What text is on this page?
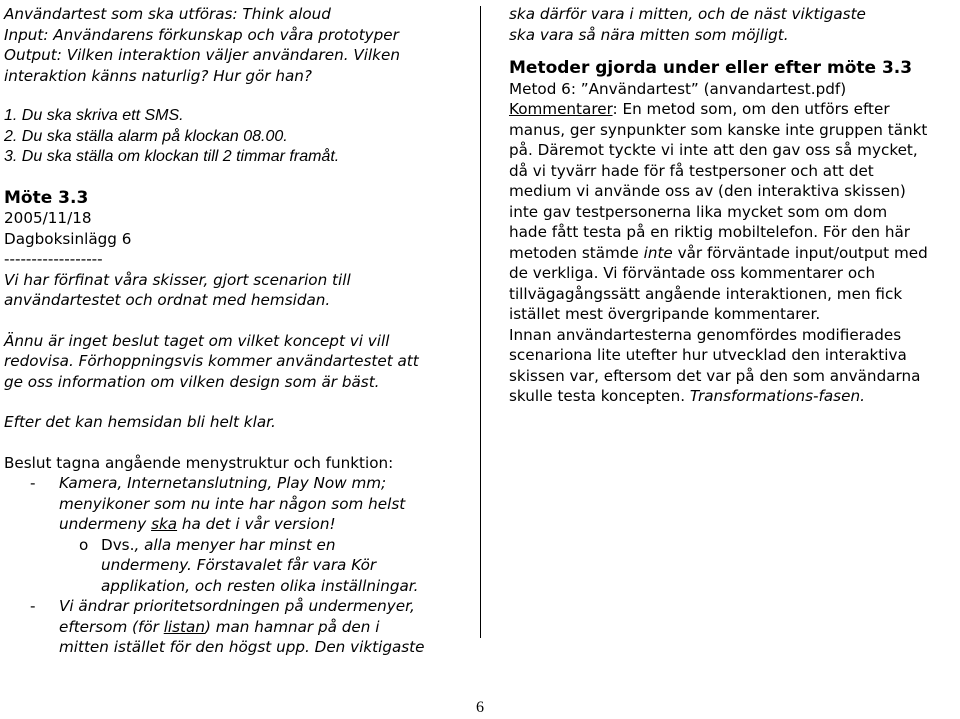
Användartest som ska utföras: Think aloud
Input: Användarens förkunskap och våra prototyper
Output: Vilken interaktion väljer användaren. Vilken
interaktion känns naturlig? Hur gör han?
1. Du ska skriva ett SMS.
2. Du ska ställa alarm på klockan 08.00.
3. Du ska ställa om klockan till 2 timmar framåt.
Möte 3.3
2005/11/18
Dagboksinlägg 6
------------------
Vi har förfinat våra skisser, gjort scenarion till
användartestet och ordnat med hemsidan.
Ännu är inget beslut taget om vilket koncept vi vill
redovisa. Förhoppningsvis kommer användartestet att
ge oss information om vilken design som är bäst.
Efter det kan hemsidan bli helt klar.
Beslut tagna angående menystruktur och funktion:
- Kamera, Internetanslutning, Play Now mm;
menyikoner som nu inte har någon som helst
undermeny ska ha det i vår version!
o Dvs., alla menyer har minst en
undermeny. Förstavalet får vara Kör
applikation, och resten olika inställningar.
- Vi ändrar prioritetsordningen på undermenyer,
eftersom (för listan) man hamnar på den i
mitten istället för den högst upp. Den viktigaste
ska därför vara i mitten, och de näst viktigaste
ska vara så nära mitten som möjligt.
Metoder gjorda under eller efter möte 3.3
Metod 6: ”Användartest” (anvandartest.pdf)
Kommentarer: En metod som, om den utförs efter
manus, ger synpunkter som kanske inte gruppen tänkt
på. Däremot tyckte vi inte att den gav oss så mycket,
då vi tyvärr hade för få testpersoner och att det
medium vi använde oss av (den interaktiva skissen)
inte gav testpersonerna lika mycket som om dom
hade fått testa på en riktig mobiltelefon. För den här
metoden stämde inte vår förväntade input/output med
de verkliga. Vi förväntade oss kommentarer och
tillvägagångssätt angående interaktionen, men fick
istället mest övergripande kommentarer.
Innan användartesterna genomfördes modifierades
scenariona lite utefter hur utvecklad den interaktiva
skissen var, eftersom det var på den som användarna
skulle testa koncepten. Transformations-fasen.
6
